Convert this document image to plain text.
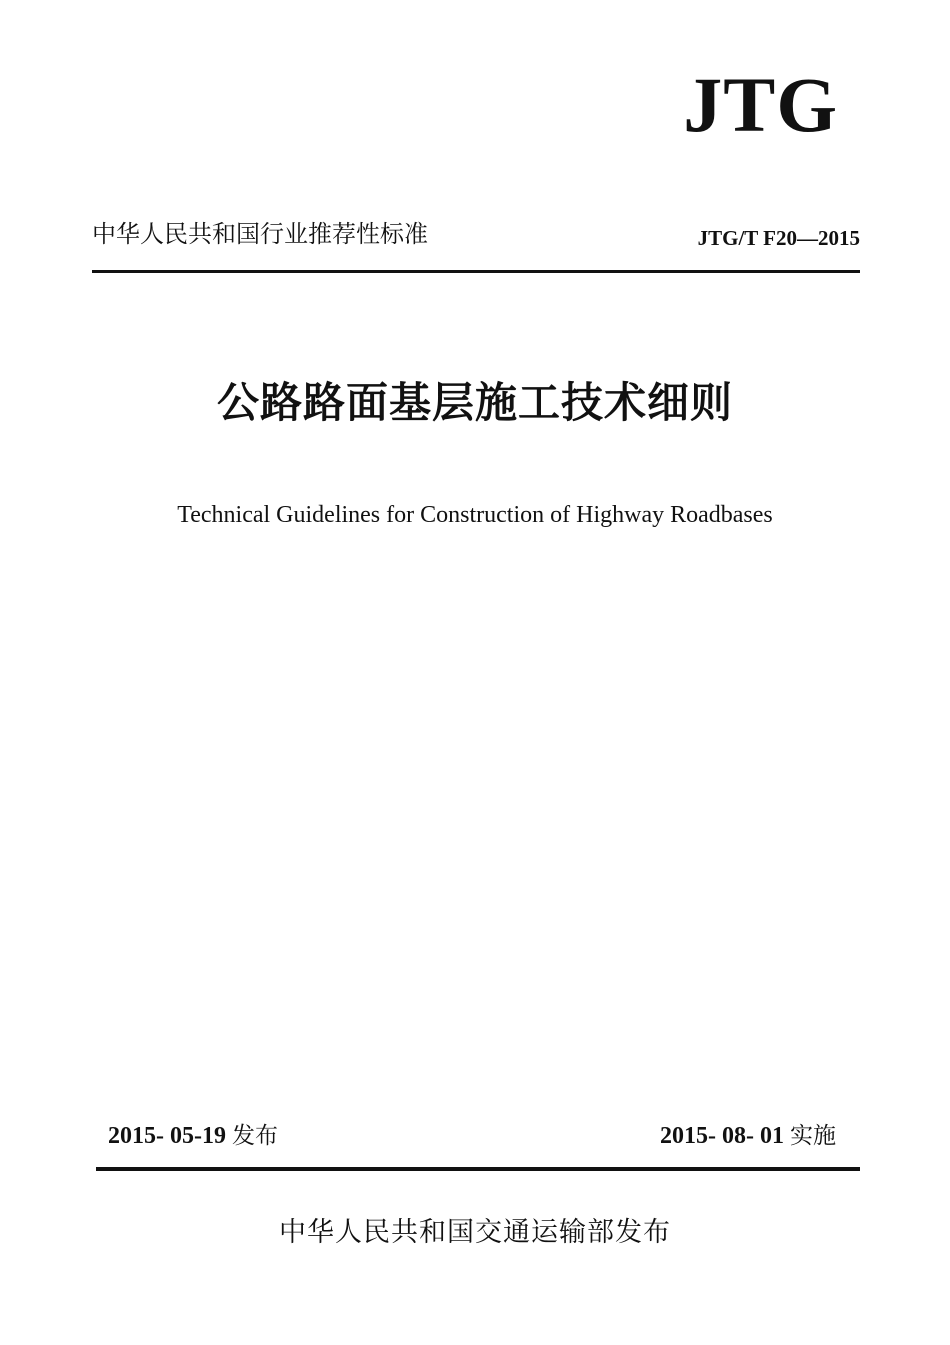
JTG
中华人民共和国行业推荐性标准	JTG/T F20—2015
公路路面基层施工技术细则
Technical Guidelines for Construction of Highway Roadbases
2015- 05-19 发布	2015- 08- 01 实施
中华人民共和国交通运输部发布
